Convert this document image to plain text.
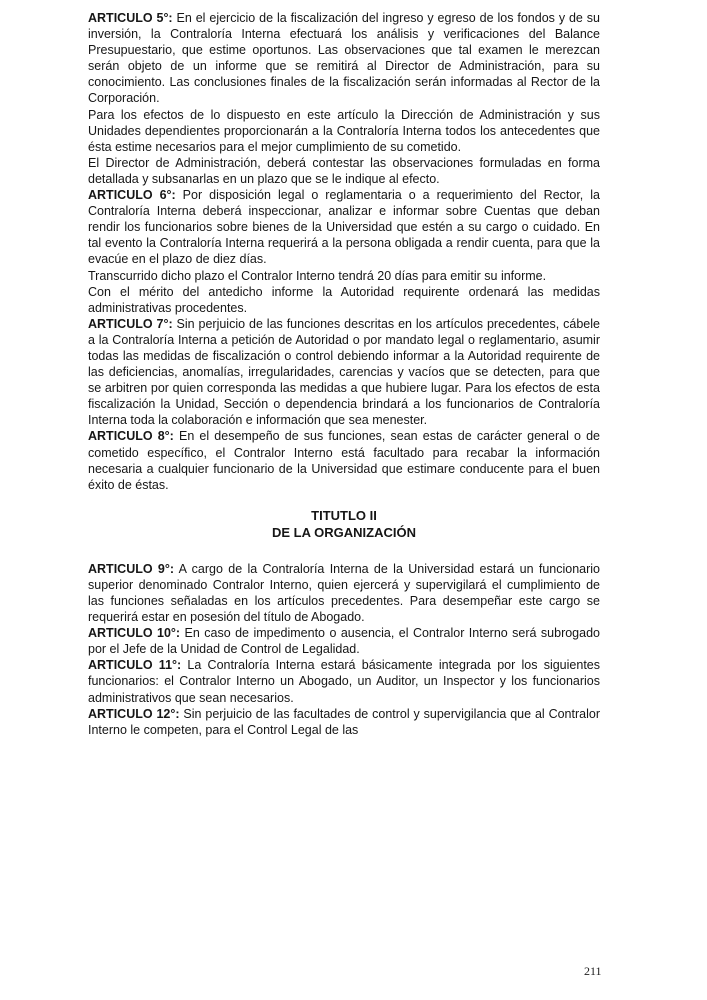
ARTICULO 5°: En el ejercicio de la fiscalización del ingreso y egreso de los fondos y de su inversión, la Contraloría Interna efectuará los análisis y verificaciones del Balance Presupuestario, que estime oportunos. Las observaciones que tal examen le merezcan serán objeto de un informe que se remitirá al Director de Administración, para su conocimiento. Las conclusiones finales de la fiscalización serán informadas al Rector de la Corporación.

Para los efectos de lo dispuesto en este artículo la Dirección de Administración y sus Unidades dependientes proporcionarán a la Contraloría Interna todos los antecedentes que ésta estime necesarios para el mejor cumplimiento de su cometido.

El Director de Administración, deberá contestar las observaciones formuladas en forma detallada y subsanarlas en un plazo que se le indique al efecto.

ARTICULO 6°: Por disposición legal o reglamentaria o a requerimiento del Rector, la Contraloría Interna deberá inspeccionar, analizar e informar sobre Cuentas que deban rendir los funcionarios sobre bienes de la Universidad que estén a su cargo o cuidado. En tal evento la Contraloría Interna requerirá a la persona obligada a rendir cuenta, para que la evacúe en el plazo de diez días.

Transcurrido dicho plazo el Contralor Interno tendrá 20 días para emitir su informe.

Con el mérito del antedicho informe la Autoridad requirente ordenará las medidas administrativas procedentes.

ARTICULO 7°: Sin perjuicio de las funciones descritas en los artículos precedentes, cábele a la Contraloría Interna a petición de Autoridad o por mandato legal o reglamentario, asumir todas las medidas de fiscalización o control debiendo informar a la Autoridad requirente de las deficiencias, anomalías, irregularidades, carencias y vacíos que se detecten, para que se arbitren por quien corresponda las medidas a que hubiere lugar. Para los efectos de esta fiscalización la Unidad, Sección o dependencia brindará a los funcionarios de Contraloría Interna toda la colaboración e información que sea menester.

ARTICULO 8°: En el desempeño de sus funciones, sean estas de carácter general o de cometido específico, el Contralor Interno está facultado para recabar la información necesaria a cualquier funcionario de la Universidad que estimare conducente para el buen éxito de éstas.

TITUTLO II

DE LA ORGANIZACIÓN

ARTICULO 9°: A cargo de la Contraloría Interna de la Universidad estará un funcionario superior denominado Contralor Interno, quien ejercerá y supervigilará el cumplimiento de las funciones señaladas en los artículos precedentes. Para desempeñar este cargo se requerirá estar en posesión del título de Abogado.

ARTICULO 10°: En caso de impedimento o ausencia, el Contralor Interno será subrogado por el Jefe de la Unidad de Control de Legalidad.

ARTICULO 11°: La Contraloría Interna estará básicamente integrada por los siguientes funcionarios: el Contralor Interno un Abogado, un Auditor, un Inspector y los funcionarios administrativos que sean necesarios.

ARTICULO 12°: Sin perjuicio de las facultades de control y supervigilancia que al Contralor Interno le competen, para el Control Legal de las

211
